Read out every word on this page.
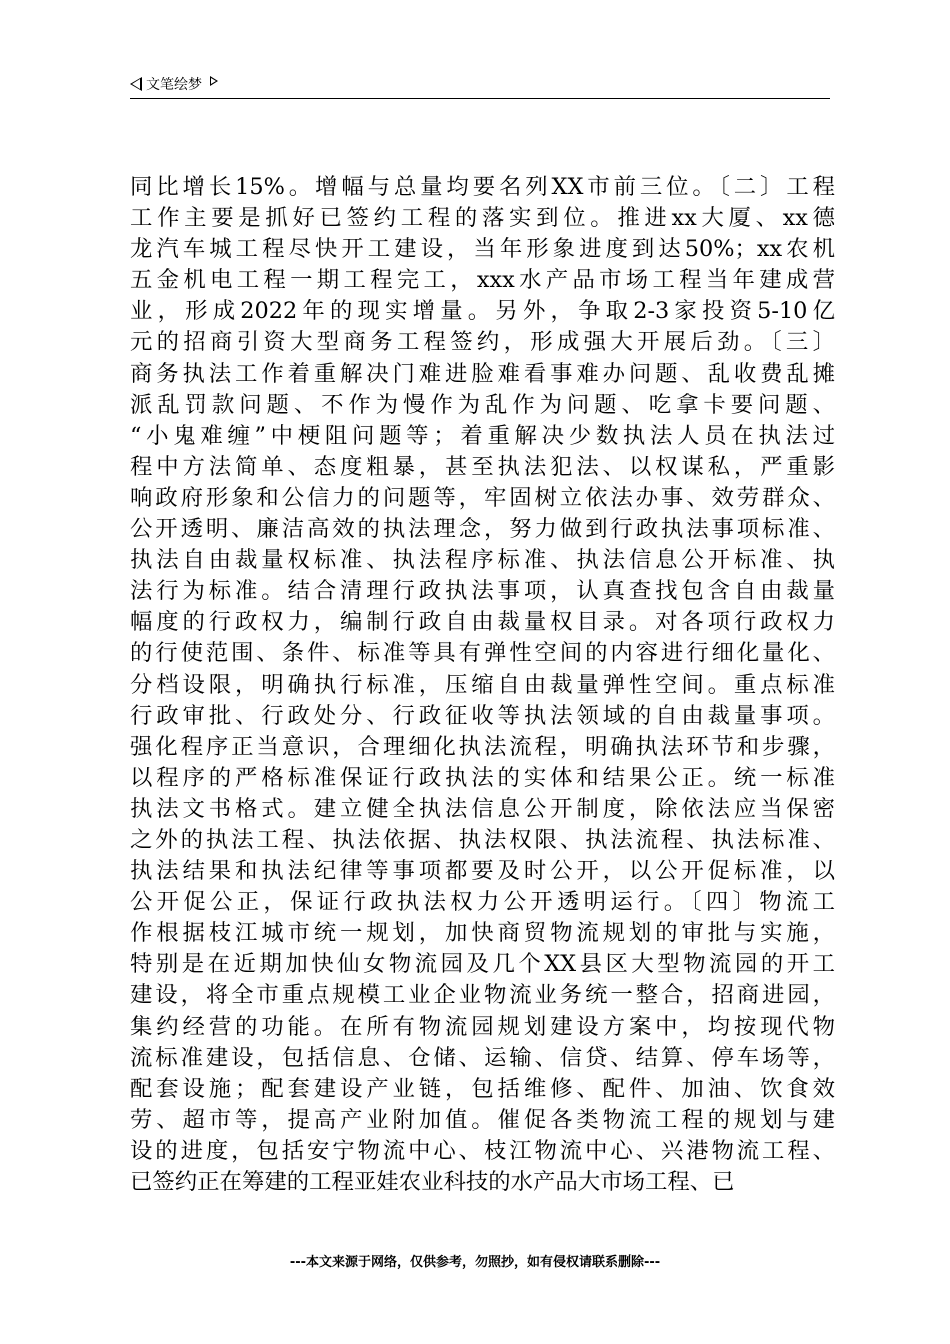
文笔绘梦
同比增长15%。增幅与总量均要名列XX市前三位。〔二〕工程
工作主要是抓好已签约工程的落实到位。推进xx大厦、xx德
龙汽车城工程尽快开工建设，当年形象进度到达50%；xx农机
五金机电工程一期工程完工，xxx水产品市场工程当年建成营
业，形成2022年的现实增量。另外，争取2-3家投资5-10亿
元的招商引资大型商务工程签约，形成强大开展后劲。〔三〕
商务执法工作着重解决门难进脸难看事难办问题、乱收费乱摊
派乱罚款问题、不作为慢作为乱作为问题、吃拿卡要问题、
“小鬼难缠”中梗阻问题等；着重解决少数执法人员在执法过
程中方法简单、态度粗暴，甚至执法犯法、以权谋私，严重影
响政府形象和公信力的问题等，牢固树立依法办事、效劳群众、
公开透明、廉洁高效的执法理念，努力做到行政执法事项标准、
执法自由裁量权标准、执法程序标准、执法信息公开标准、执
法行为标准。结合清理行政执法事项，认真查找包含自由裁量
幅度的行政权力，编制行政自由裁量权目录。对各项行政权力
的行使范围、条件、标准等具有弹性空间的内容进行细化量化、
分档设限，明确执行标准，压缩自由裁量弹性空间。重点标准
行政审批、行政处分、行政征收等执法领域的自由裁量事项。
强化程序正当意识，合理细化执法流程，明确执法环节和步骤，
以程序的严格标准保证行政执法的实体和结果公正。统一标准
执法文书格式。建立健全执法信息公开制度，除依法应当保密
之外的执法工程、执法依据、执法权限、执法流程、执法标准、
执法结果和执法纪律等事项都要及时公开，以公开促标准，以
公开促公正，保证行政执法权力公开透明运行。〔四〕物流工
作根据枝江城市统一规划，加快商贸物流规划的审批与实施，
特别是在近期加快仙女物流园及几个XX县区大型物流园的开工
建设，将全市重点规模工业企业物流业务统一整合，招商进园，
集约经营的功能。在所有物流园规划建设方案中，均按现代物
流标准建设，包括信息、仓储、运输、信贷、结算、停车场等，
配套设施；配套建设产业链，包括维修、配件、加油、饮食效
劳、超市等，提高产业附加值。催促各类物流工程的规划与建
设的进度，包括安宁物流中心、枝江物流中心、兴港物流工程、
已签约正在筹建的工程亚娃农业科技的水产品大市场工程、已
---本文来源于网络，仅供参考，勿照抄，如有侵权请联系删除---
